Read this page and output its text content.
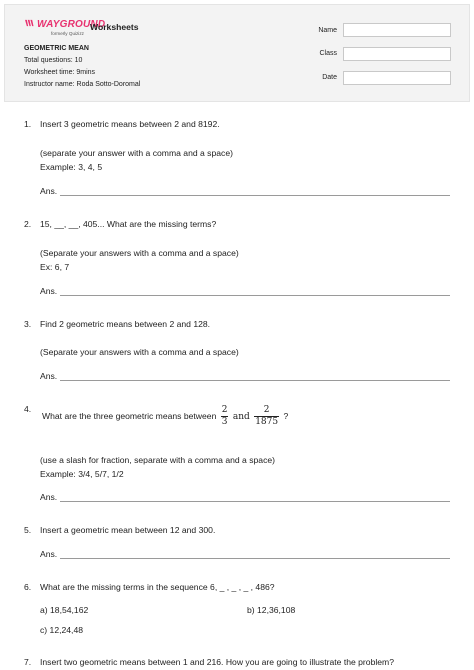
WAYGROUND
formerly Quizizz
Worksheets
GEOMETRIC MEAN
Total questions: 10
Worksheet time: 9mins
Instructor name: Roda Sotto-Doromal
Name
Class
Date
1. Insert 3 geometric means between 2 and 8192.
(separate your answer with a comma and a space)
Example: 3, 4, 5
Ans.
2. 15, __, __, 405... What are the missing terms?
(Separate your answers with a comma and a space)
Ex: 6, 7
Ans.
3. Find 2 geometric means between 2 and 128.
(Separate your answers with a comma and a space)
Ans.
4.
What are the three geometric means between $\frac{2}{3}$ and $\frac{2}{1875}$ ?
(use a slash for fraction, separate with a comma and a space)
Example: 3/4, 5/7, 1/2
Ans.
5. Insert a geometric mean between 12 and 300.
Ans.
6. What are the missing terms in the sequence 6, _ , _ , _ , 486?
a) 18,54,162	b) 12,36,108
c) 12,24,48
7. Insert two geometric means between 1 and 216. How you are going to illustrate the problem?
